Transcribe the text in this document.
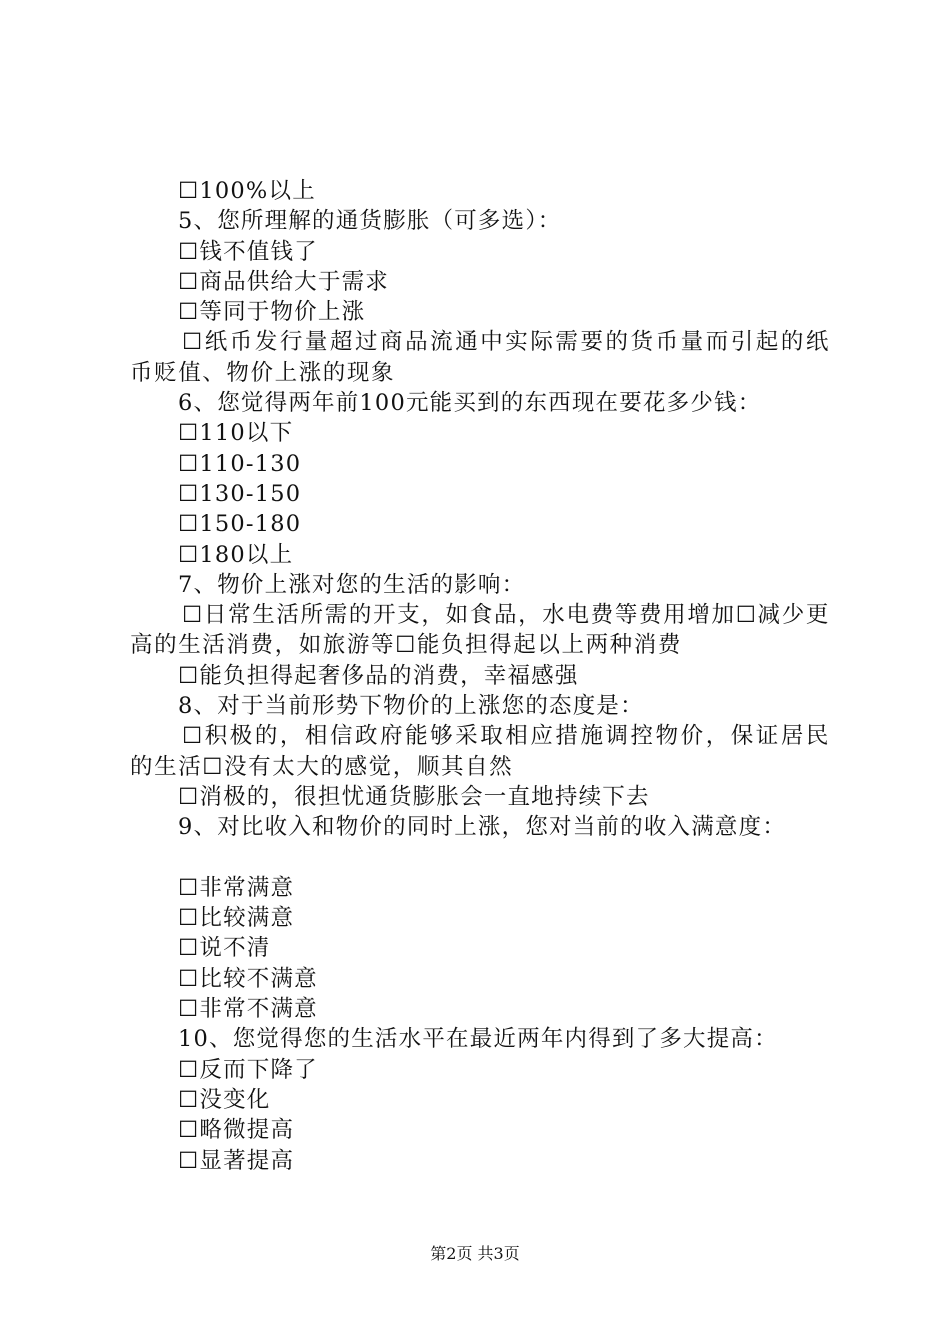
☐100%以上
5、您所理解的通货膨胀（可多选）：
☐钱不值钱了
☐商品供给大于需求
☐等同于物价上涨
☐纸币发行量超过商品流通中实际需要的货币量而引起的纸币贬值、物价上涨的现象
6、您觉得两年前100元能买到的东西现在要花多少钱：
☐110以下
☐110-130
☐130-150
☐150-180
☐180以上
7、物价上涨对您的生活的影响：
☐日常生活所需的开支，如食品，水电费等费用增加☐减少更高的生活消费，如旅游等☐能负担得起以上两种消费
☐能负担得起奢侈品的消费，幸福感强
8、对于当前形势下物价的上涨您的态度是：
☐积极的，相信政府能够采取相应措施调控物价，保证居民的生活☐没有太大的感觉，顺其自然
☐消极的，很担忧通货膨胀会一直地持续下去
9、对比收入和物价的同时上涨，您对当前的收入满意度：
☐非常满意
☐比较满意
☐说不清
☐比较不满意
☐非常不满意
10、您觉得您的生活水平在最近两年内得到了多大提高：
☐反而下降了
☐没变化
☐略微提高
☐显著提高
第2页 共3页
